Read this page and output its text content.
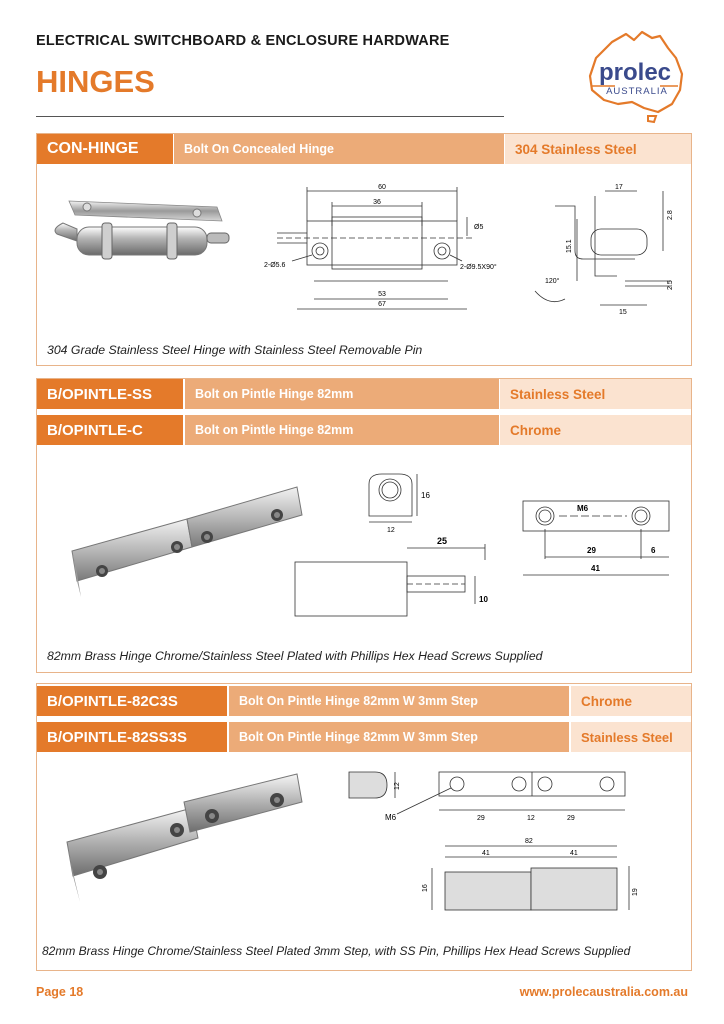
ELECTRICAL SWITCHBOARD & ENCLOSURE HARDWARE
HINGES	prolec
AUSTRALIA
CON-HINGE	Bolt On Concealed Hinge	304 Stainless Steel
60
36
53
67
Ø5
2-Ø5.6	2-Ø9.5X90°
17
2.8
15.1
2.5
15
120°
304 Grade Stainless Steel Hinge with Stainless Steel Removable Pin
B/OPINTLE-SS	Bolt on Pintle Hinge 82mm	Stainless Steel
B/OPINTLE-C	Bolt on Pintle Hinge 82mm	Chrome
16
12
25
10
M6
29	6
41
82mm Brass Hinge Chrome/Stainless Steel Plated with Phillips Hex Head Screws Supplied
B/OPINTLE-82C3S	Bolt On Pintle Hinge 82mm W 3mm Step	Chrome
B/OPINTLE-82SS3S	Bolt On Pintle Hinge 82mm W 3mm Step	Stainless Steel
12
M6	29	12	29
82
41	41
16
19
82mm Brass Hinge Chrome/Stainless Steel Plated 3mm Step, with SS Pin, Phillips Hex Head Screws Supplied
Page 18	www.prolecaustralia.com.au
